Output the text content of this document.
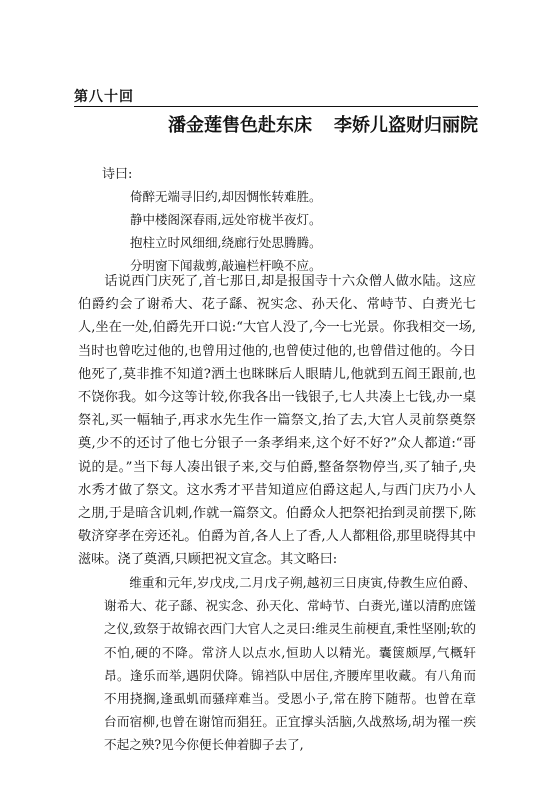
第八十回
潘金莲售色赴东床 李娇儿盗财归丽院
诗曰:
倚醉无端寻旧约,却因惆怅转难胜。
静中楼阁深春雨,远处帘栊半夜灯。
抱柱立时风细细,绕廊行处思腾腾。
分明窗下闻裁剪,敲遍栏杆唤不应。

话说西门庆死了,首七那日,却是报国寺十六众僧人做水陆。这应伯爵约会了谢希大、花子繇、祝实念、孙天化、常峙节、白赉光七人,坐在一处,伯爵先开口说:“大官人没了,今一七光景。你我相交一场,当时也曾吃过他的,也曾用过他的,也曾使过他的,也曾借过他的。今日他死了,莫非推不知道?洒土也眯眯后人眼睛儿,他就到五阎王跟前,也不饶你我。如今这等计较,你我各出一钱银子,七人共凑上七钱,办一桌祭礼,买一幅轴子,再求水先生作一篇祭文,抬了去,大官人灵前祭奠祭奠,少不的还讨了他七分银子一条孝绢来,这个好不好?”众人都道:“哥说的是。”当下每人凑出银子来,交与伯爵,整备祭物停当,买了轴子,央水秀才做了祭文。这水秀才平昔知道应伯爵这起人,与西门庆乃小人之朋,于是暗含讥刺,作就一篇祭文。伯爵众人把祭祀抬到灵前摆下,陈敬济穿孝在旁还礼。伯爵为首,各人上了香,人人都粗俗,那里晓得其中滋味。浇了奠酒,只顾把祝文宣念。其文略曰:

维重和元年,岁戊戌,二月戊子朔,越初三日庚寅,侍教生应伯爵、谢希大、花子繇、祝实念、孙天化、常峙节、白赉光,谨以清酌庶馐之仪,致祭于故锦衣西门大官人之灵曰:维灵生前梗直,秉性坚刚;软的不怕,硬的不降。常济人以点水,恒助人以精光。囊箧颇厚,气概轩昂。逢乐而举,遇阴伏降。锦裆队中居住,齐腰库里收藏。有八角而不用挠搁,逢虱虮而骚痒难当。受恩小子,常在胯下随帮。也曾在章台而宿柳,也曾在谢馆而猖狂。正宜撑头活脑,久战熬场,胡为罹一疾不起之殃?见今你便长伸着脚子去了,
